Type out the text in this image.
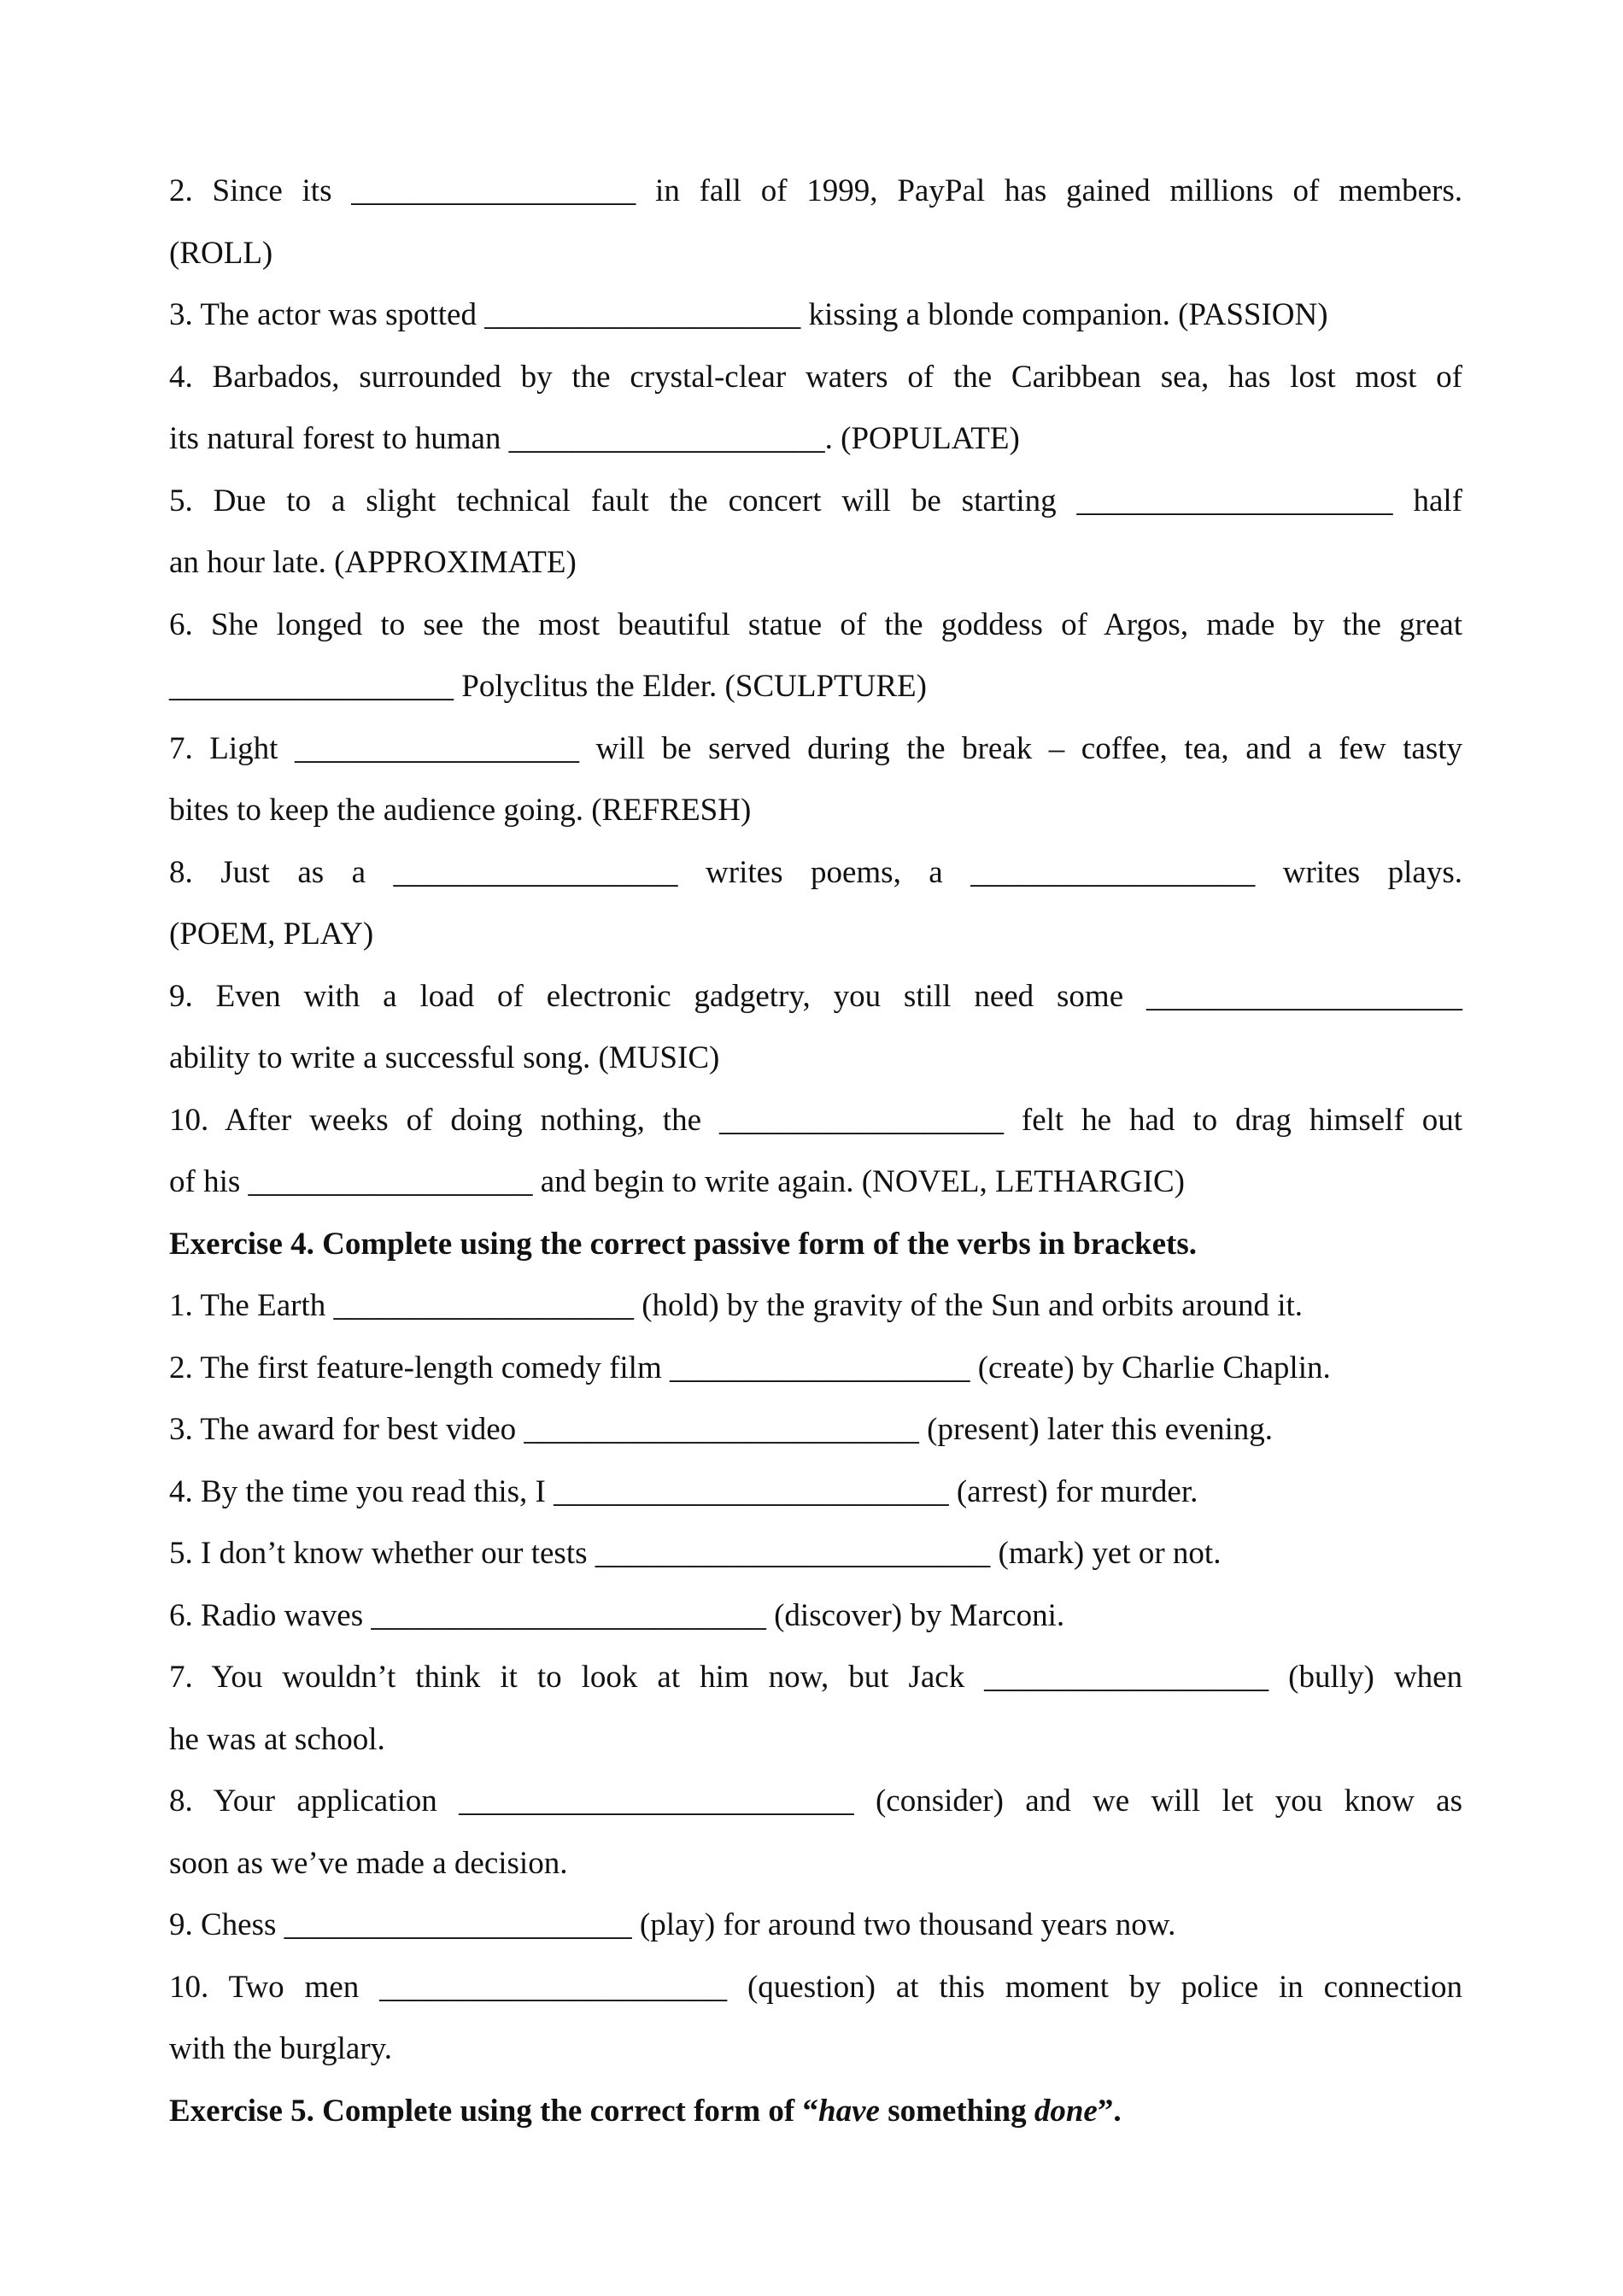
2. Since its __________________ in fall of 1999, PayPal has gained millions of members.
(ROLL)
3. The actor was spotted ____________________ kissing a blonde companion. (PASSION)
4. Barbados, surrounded by the crystal-clear waters of the Caribbean sea, has lost most of
its natural forest to human ____________________. (POPULATE)
5. Due to a slight technical fault the concert will be starting ____________________ half
an hour late. (APPROXIMATE)
6. She longed to see the most beautiful statue of the goddess of Argos, made by the great
__________________ Polyclitus the Elder. (SCULPTURE)
7. Light __________________ will be served during the break – coffee, tea, and a few tasty
bites to keep the audience going. (REFRESH)
8. Just as a __________________ writes poems, a __________________ writes plays.
(POEM, PLAY)
9. Even with a load of electronic gadgetry, you still need some ____________________
ability to write a successful song. (MUSIC)
10. After weeks of doing nothing, the __________________ felt he had to drag himself out
of his __________________ and begin to write again. (NOVEL, LETHARGIC)
Exercise 4. Complete using the correct passive form of the verbs in brackets.
1. The Earth ___________________ (hold) by the gravity of the Sun and orbits around it.
2. The first feature-length comedy film ___________________ (create) by Charlie Chaplin.
3. The award for best video _________________________ (present) later this evening.
4. By the time you read this, I _________________________ (arrest) for murder.
5. I don’t know whether our tests _________________________ (mark) yet or not.
6. Radio waves _________________________ (discover) by Marconi.
7. You wouldn’t think it to look at him now, but Jack __________________ (bully) when
he was at school.
8. Your application _________________________ (consider) and we will let you know as
soon as we’ve made a decision.
9. Chess ______________________ (play) for around two thousand years now.
10. Two men ______________________ (question) at this moment by police in connection
with the burglary.
Exercise 5. Complete using the correct form of “have something done”.
